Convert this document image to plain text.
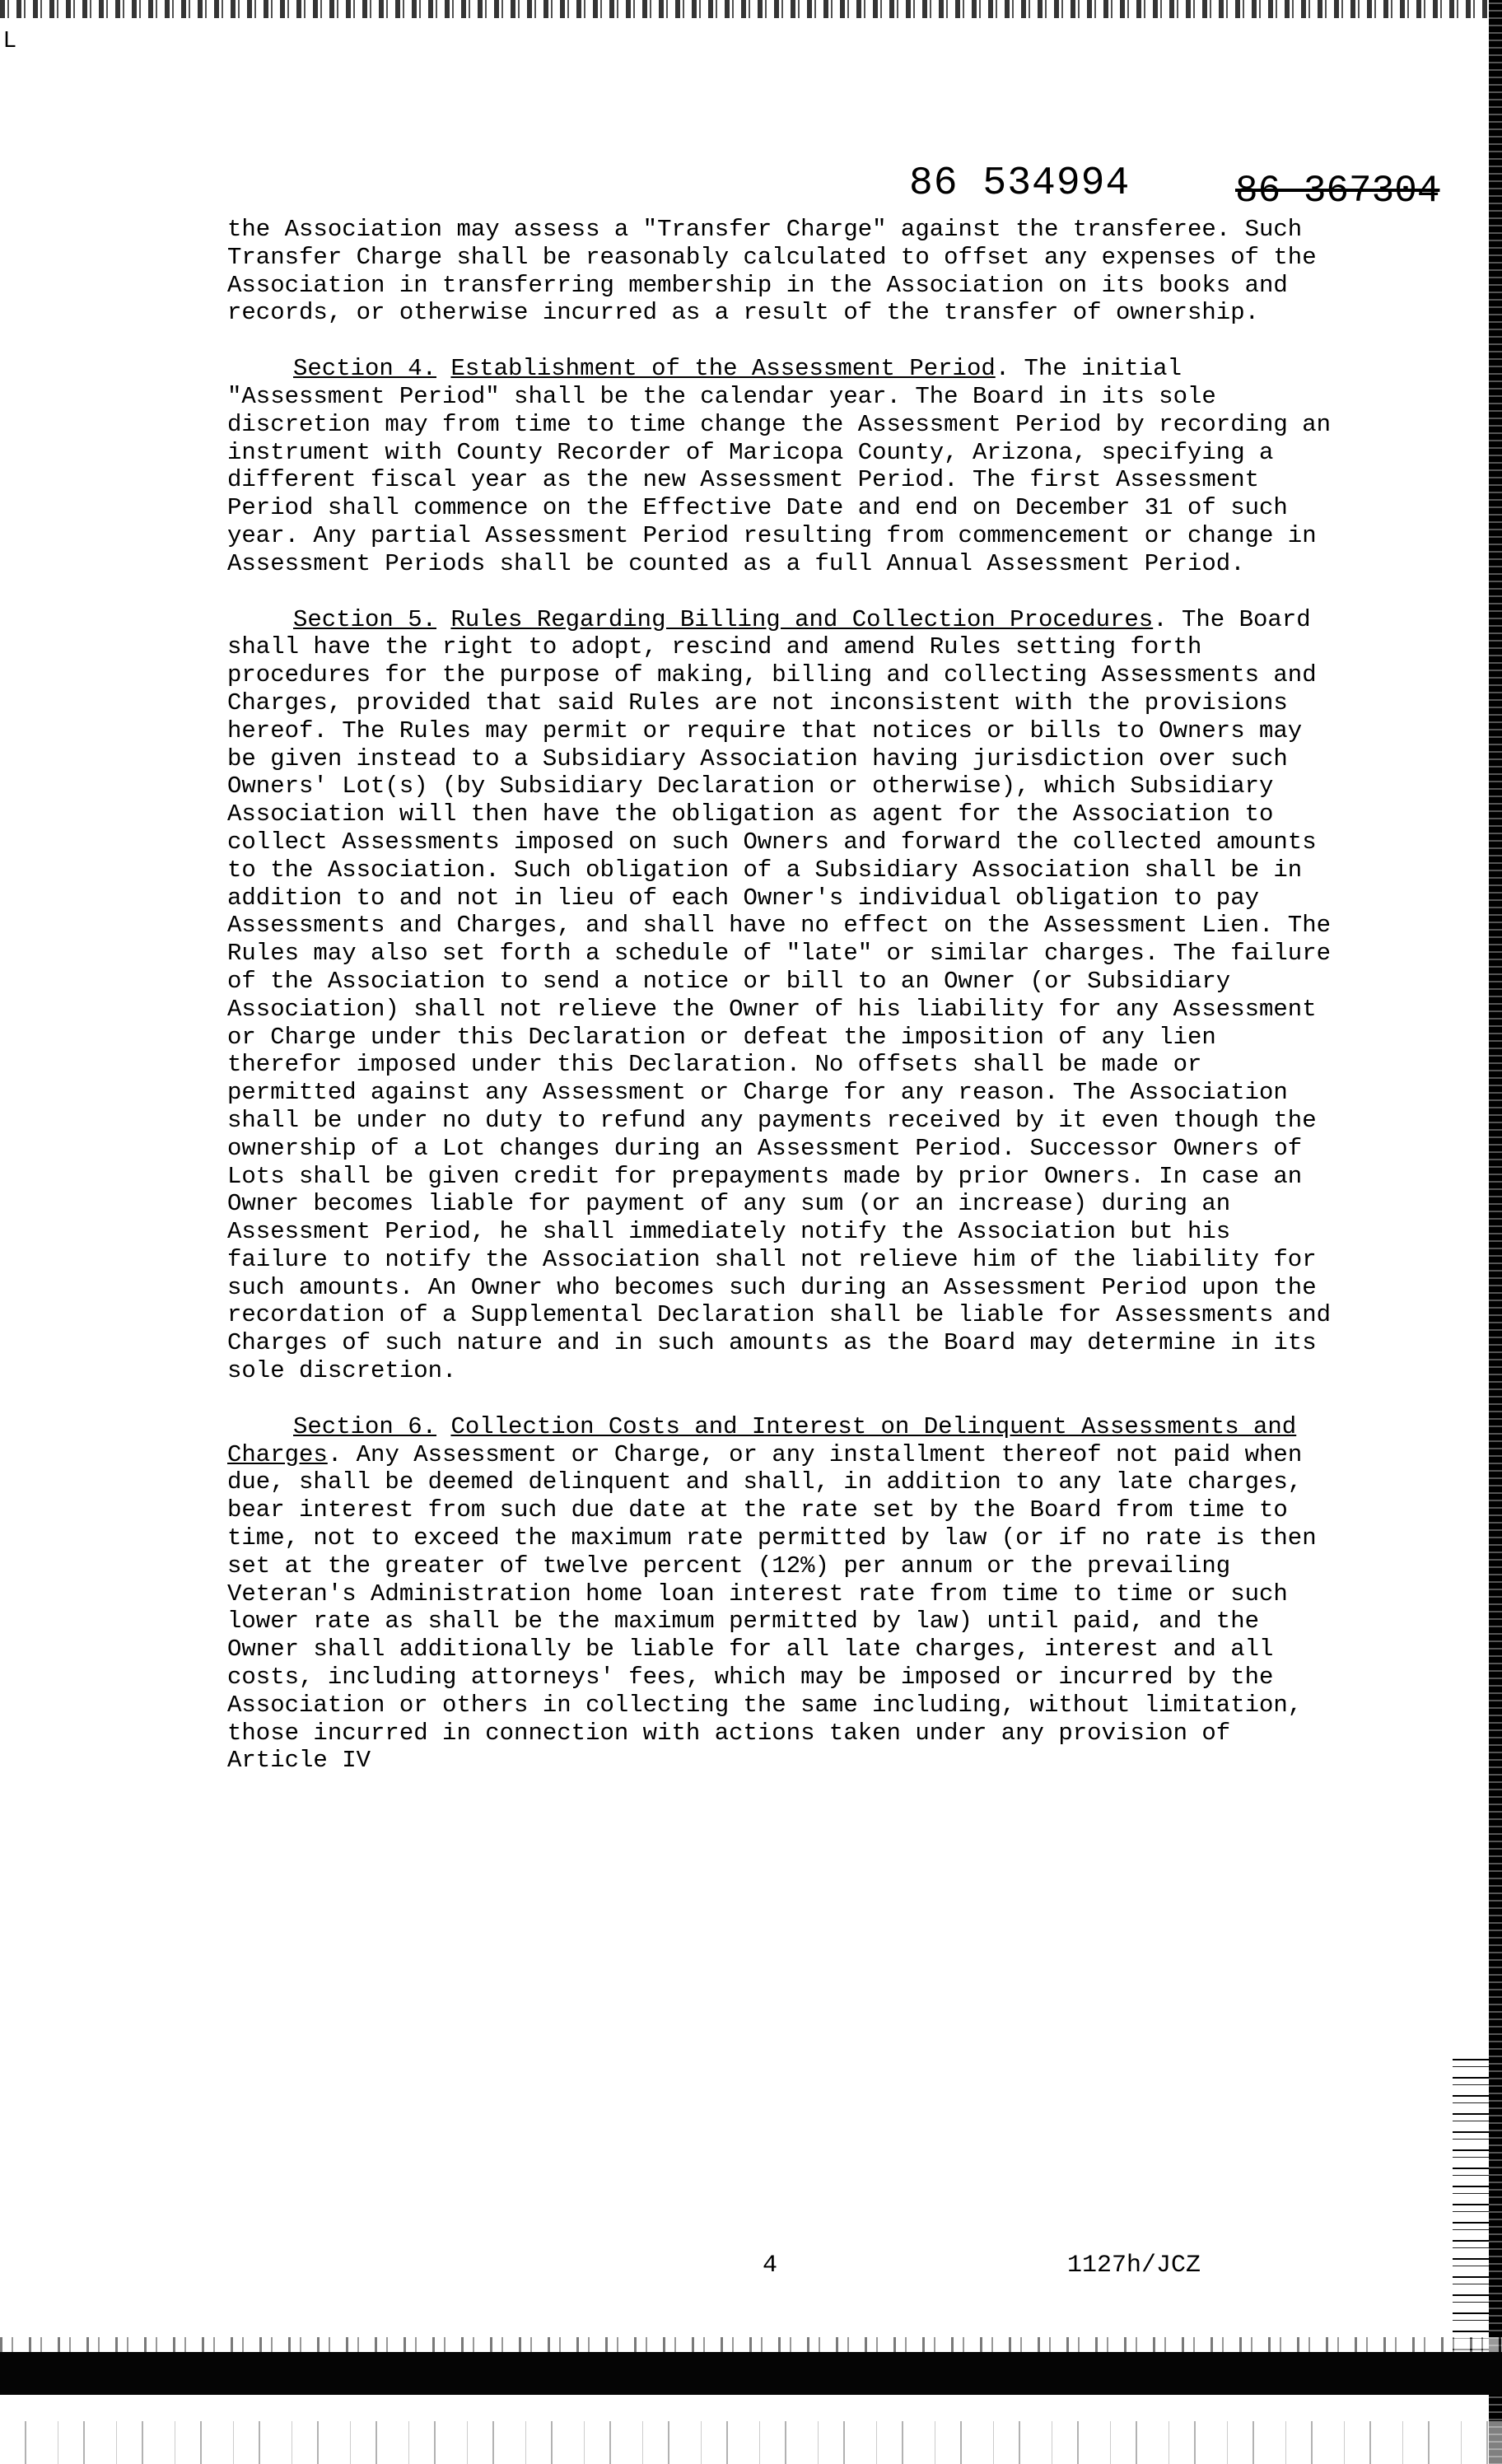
L
86 534994	86 367304

the Association may assess a "Transfer Charge" against the transferee. Such Transfer Charge shall be reasonably calculated to offset any expenses of the Association in transferring membership in the Association on its books and records, or otherwise incurred as a result of the transfer of ownership.

Section 4. Establishment of the Assessment Period. The initial "Assessment Period" shall be the calendar year. The Board in its sole discretion may from time to time change the Assessment Period by recording an instrument with County Recorder of Maricopa County, Arizona, specifying a different fiscal year as the new Assessment Period. The first Assessment Period shall commence on the Effective Date and end on December 31 of such year. Any partial Assessment Period resulting from commencement or change in Assessment Periods shall be counted as a full Annual Assessment Period.

Section 5. Rules Regarding Billing and Collection Procedures. The Board shall have the right to adopt, rescind and amend Rules setting forth procedures for the purpose of making, billing and collecting Assessments and Charges, provided that said Rules are not inconsistent with the provisions hereof. The Rules may permit or require that notices or bills to Owners may be given instead to a Subsidiary Association having jurisdiction over such Owners' Lot(s) (by Subsidiary Declaration or otherwise), which Subsidiary Association will then have the obligation as agent for the Association to collect Assessments imposed on such Owners and forward the collected amounts to the Association. Such obligation of a Subsidiary Association shall be in addition to and not in lieu of each Owner's individual obligation to pay Assessments and Charges, and shall have no effect on the Assessment Lien. The Rules may also set forth a schedule of "late" or similar charges. The failure of the Association to send a notice or bill to an Owner (or Subsidiary Association) shall not relieve the Owner of his liability for any Assessment or Charge under this Declaration or defeat the imposition of any lien therefor imposed under this Declaration. No offsets shall be made or permitted against any Assessment or Charge for any reason. The Association shall be under no duty to refund any payments received by it even though the ownership of a Lot changes during an Assessment Period. Successor Owners of Lots shall be given credit for prepayments made by prior Owners. In case an Owner becomes liable for payment of any sum (or an increase) during an Assessment Period, he shall immediately notify the Association but his failure to notify the Association shall not relieve him of the liability for such amounts. An Owner who becomes such during an Assessment Period upon the recordation of a Supplemental Declaration shall be liable for Assessments and Charges of such nature and in such amounts as the Board may determine in its sole discretion.

Section 6. Collection Costs and Interest on Delinquent Assessments and Charges. Any Assessment or Charge, or any installment thereof not paid when due, shall be deemed delinquent and shall, in addition to any late charges, bear interest from such due date at the rate set by the Board from time to time, not to exceed the maximum rate permitted by law (or if no rate is then set at the greater of twelve percent (12%) per annum or the prevailing Veteran's Administration home loan interest rate from time to time or such lower rate as shall be the maximum permitted by law) until paid, and the Owner shall additionally be liable for all late charges, interest and all costs, including attorneys' fees, which may be imposed or incurred by the Association or others in collecting the same including, without limitation, those incurred in connection with actions taken under any provision of Article IV

4	1127h/JCZ
